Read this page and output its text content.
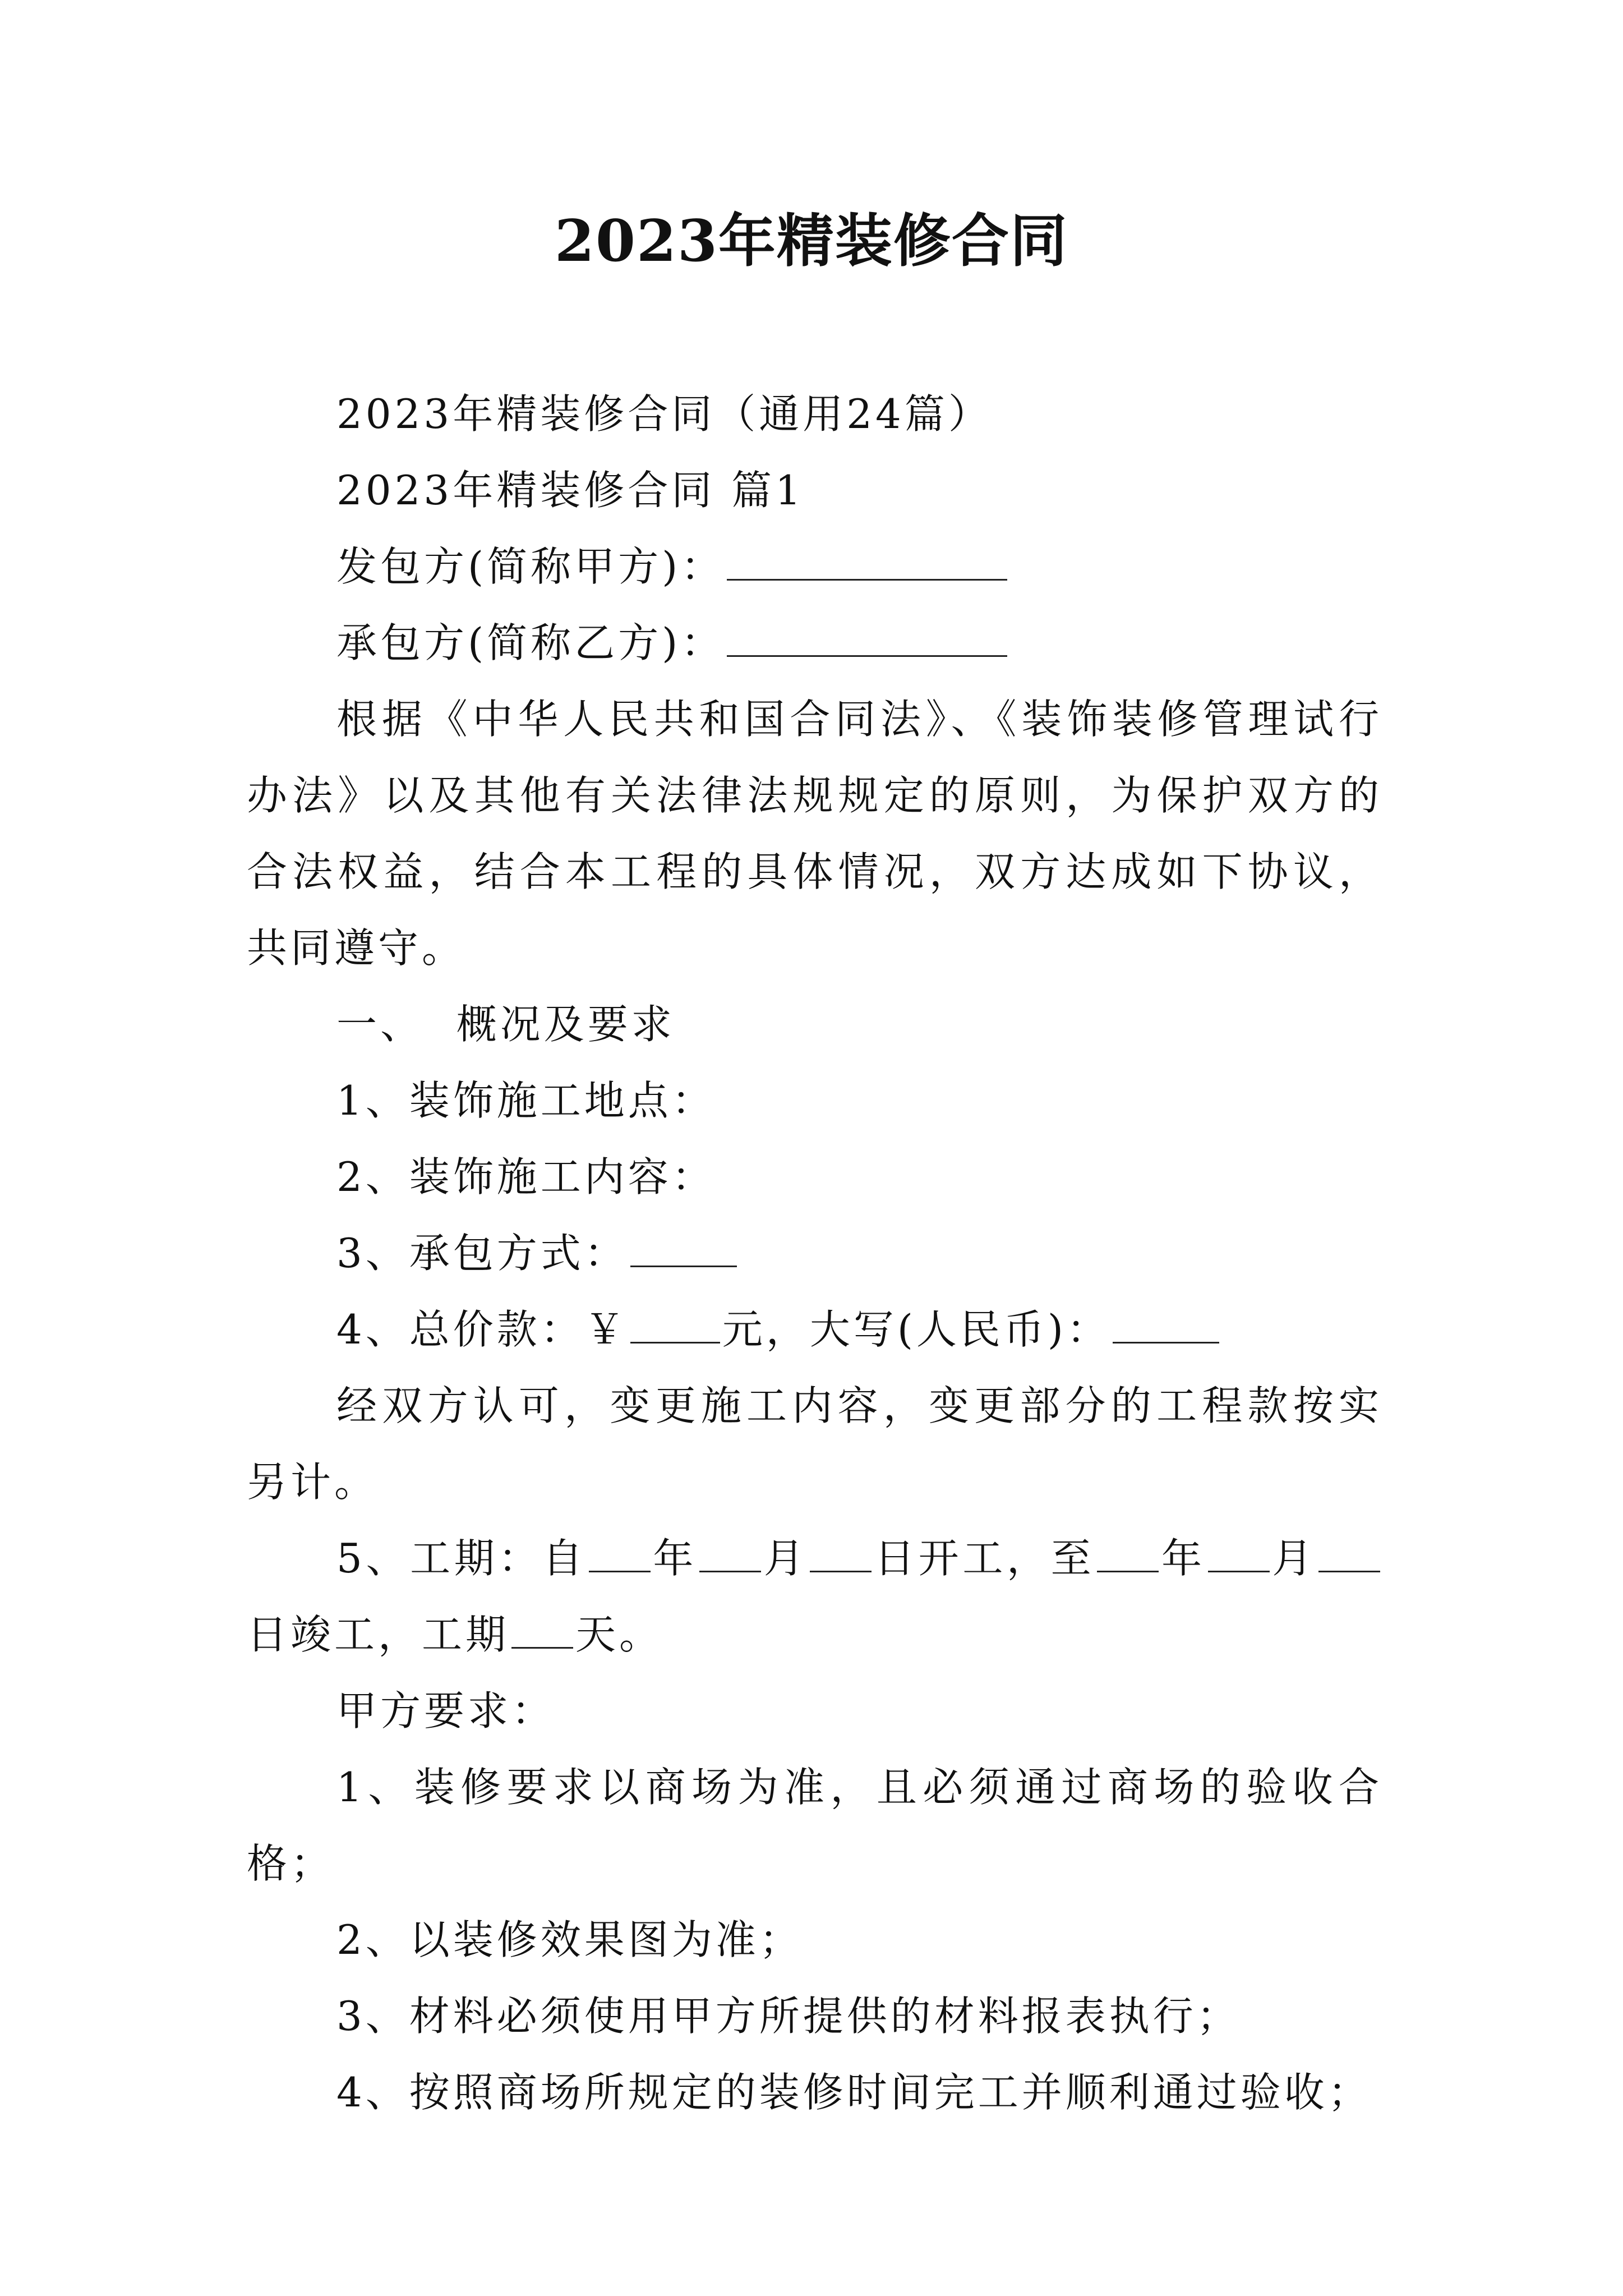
2023年精装修合同

2023年精装修合同（通用24篇）

2023年精装修合同 篇1

发包方(简称甲方)：

承包方(简称乙方)：

根据《中华人民共和国合同法》、《装饰装修管理试行办法》以及其他有关法律法规规定的原则，为保护双方的合法权益，结合本工程的具体情况，双方达成如下协议，共同遵守。

一、  概况及要求

1、装饰施工地点：

2、装饰施工内容：

3、承包方式：

4、总价款：￥ 元，大写(人民币)：

经双方认可，变更施工内容，变更部分的工程款按实另计。

5、工期：自 年 月 日开工，至 年 月日竣工，工期 天。

甲方要求：

1、装修要求以商场为准，且必须通过商场的验收合格；

2、以装修效果图为准；

3、材料必须使用甲方所提供的材料报表执行；

4、按照商场所规定的装修时间完工并顺利通过验收；
